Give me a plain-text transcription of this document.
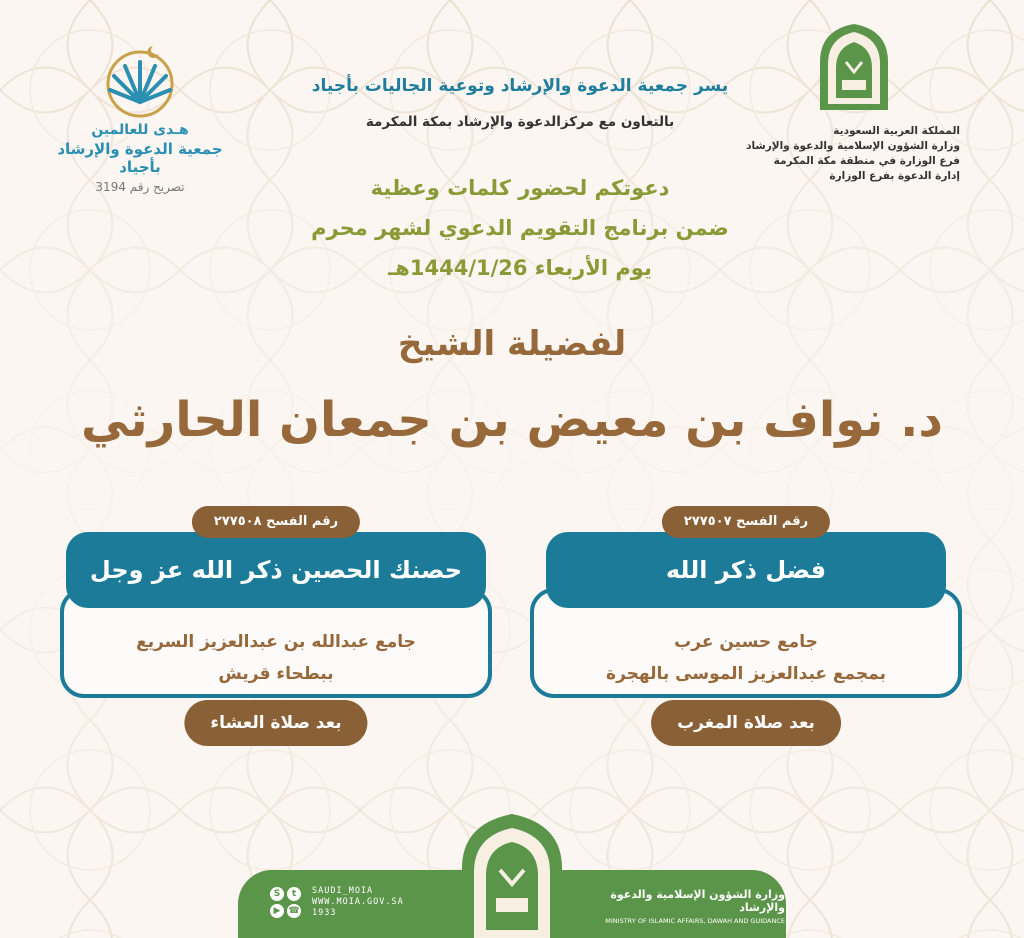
هـدى للعالمين
جمعية الدعوة والإرشاد بأجياد
تصريح رقم 3194
المملكة العربية السعودية
وزارة الشؤون الإسلامية والدعوة والإرشاد
فرع الوزارة في منطقة مكة المكرمة
إدارة الدعوة بفرع الوزارة
يسر جمعية الدعوة والإرشاد وتوعية الجاليات بأجياد
بالتعاون مع مركزالدعوة والإرشاد بمكة المكرمة
دعوتكم لحضور كلمات وعظية
ضمن برنامج التقويم الدعوي لشهر محرم
يوم الأربعاء 1444/1/26هـ
لفضيلة الشيخ
د. نواف بن معيض بن جمعان الحارثي
جامع عبدالله بن عبدالعزيز السريع
ببطحاء قريش
حصنك الحصين ذكر الله عز وجل
رقم الفسح ٢٧٧٥٠٨
بعد صلاة العشاء
جامع حسين عرب
بمجمع عبدالعزيز الموسى بالهجرة
فضل ذكر الله
رقم الفسح ٢٧٧٥٠٧
بعد صلاة المغرب
وزارة الشؤون الإسلامية والدعوة والإرشاد
MINISTRY OF ISLAMIC AFFAIRS, DAWAH AND GUIDANCE
S	t
▶ ☎
SAUDI_MOIA
WWW.MOIA.GOV.SA
1933
